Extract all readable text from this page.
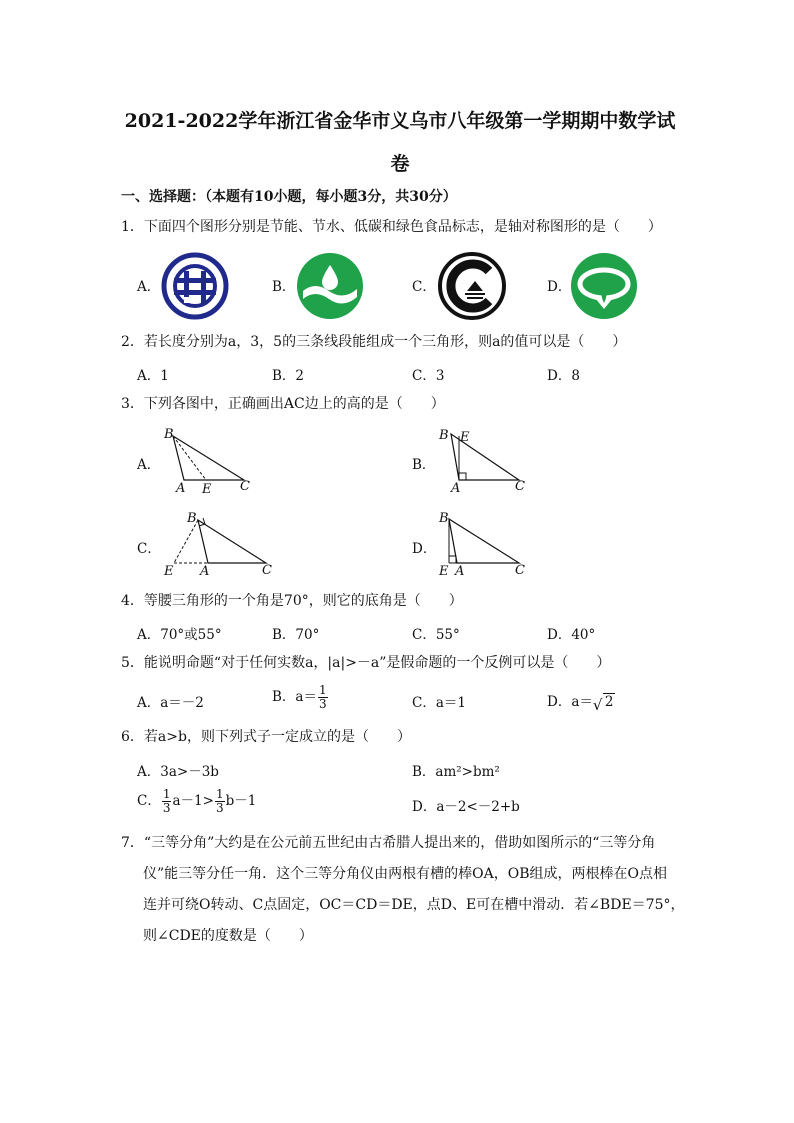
2021-2022学年浙江省金华市义乌市八年级第一学期期中数学试
卷
一、选择题：（本题有10小题，每小题3分，共30分）
1．下面四个图形分别是节能、节水、低碳和绿色食品标志，是轴对称图形的是（　　）
A．	B．	C．	D．
2．若长度分别为a，3，5的三条线段能组成一个三角形，则a的值可以是（　　）
A．1	B．2	C．3	D．8
3．下列各图中，正确画出AC边上的高的是（　　）
A．
B
A E C
B．
B E
A	C
C．
B
E A	C
D．
B
E A	C
4．等腰三角形的一个角是70°，则它的底角是（　　）
A．70°或55°	B．70°	C．55°	D．40°
5．能说明命题“对于任何实数a，|a|>－a”是假命题的一个反例可以是（　　）
A．a＝－2	B．$a= \frac{1}{3}$	C．a＝1	D．a＝ √ 2
6．若a>b，则下列式子一定成立的是（　　）
A．3a>－3b	B．am²>bm²
C． $\frac{1}{3} a-1> \frac{1}{3} b-1$	D．a－2<－2+b
7．“三等分角”大约是在公元前五世纪由古希腊人提出来的，借助如图所示的“三等分角
仪”能三等分任一角．这个三等分角仪由两根有槽的棒OA，OB组成，两根棒在O点相
连并可绕O转动、C点固定，OC＝CD＝DE，点D、E可在槽中滑动．若∠BDE＝75°，
则∠CDE的度数是（　　）
